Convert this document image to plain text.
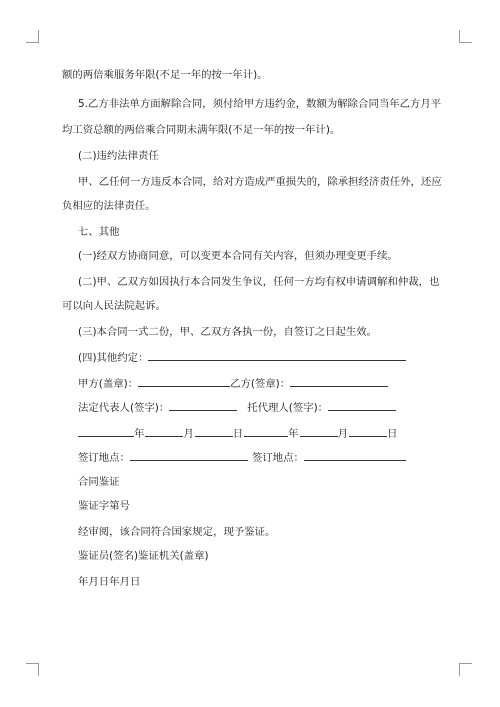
额的两倍乘服务年限(不足一年的按一年计)。
5.乙方非法单方面解除合同，须付给甲方违约金，数额为解除合同当年乙方月平
均工资总额的两倍乘合同期未满年限(不足一年的按一年计)。
(二)违约法律责任
甲、乙任何一方违反本合同，给对方造成严重损失的，除承担经济责任外，还应
负相应的法律责任。
七、其他
(一)经双方协商同意，可以变更本合同有关内容，但须办理变更手续。
(二)甲、乙双方如因执行本合同发生争议，任何一方均有权申请调解和仲裁，也
可以向人民法院起诉。
(三)本合同一式二份，甲、乙双方各执一份，自签订之日起生效。
(四)其他约定：
甲方(盖章)：	乙方(签章)：
法定代表人(签字)：	托代理人(签字)：
年	月	日	年	月	日
签订地点：	签订地点：
合同鉴证
鉴证字第号
经审阅，该合同符合国家规定，现予鉴证。
鉴证员(签名)鉴证机关(盖章)
年月日年月日
